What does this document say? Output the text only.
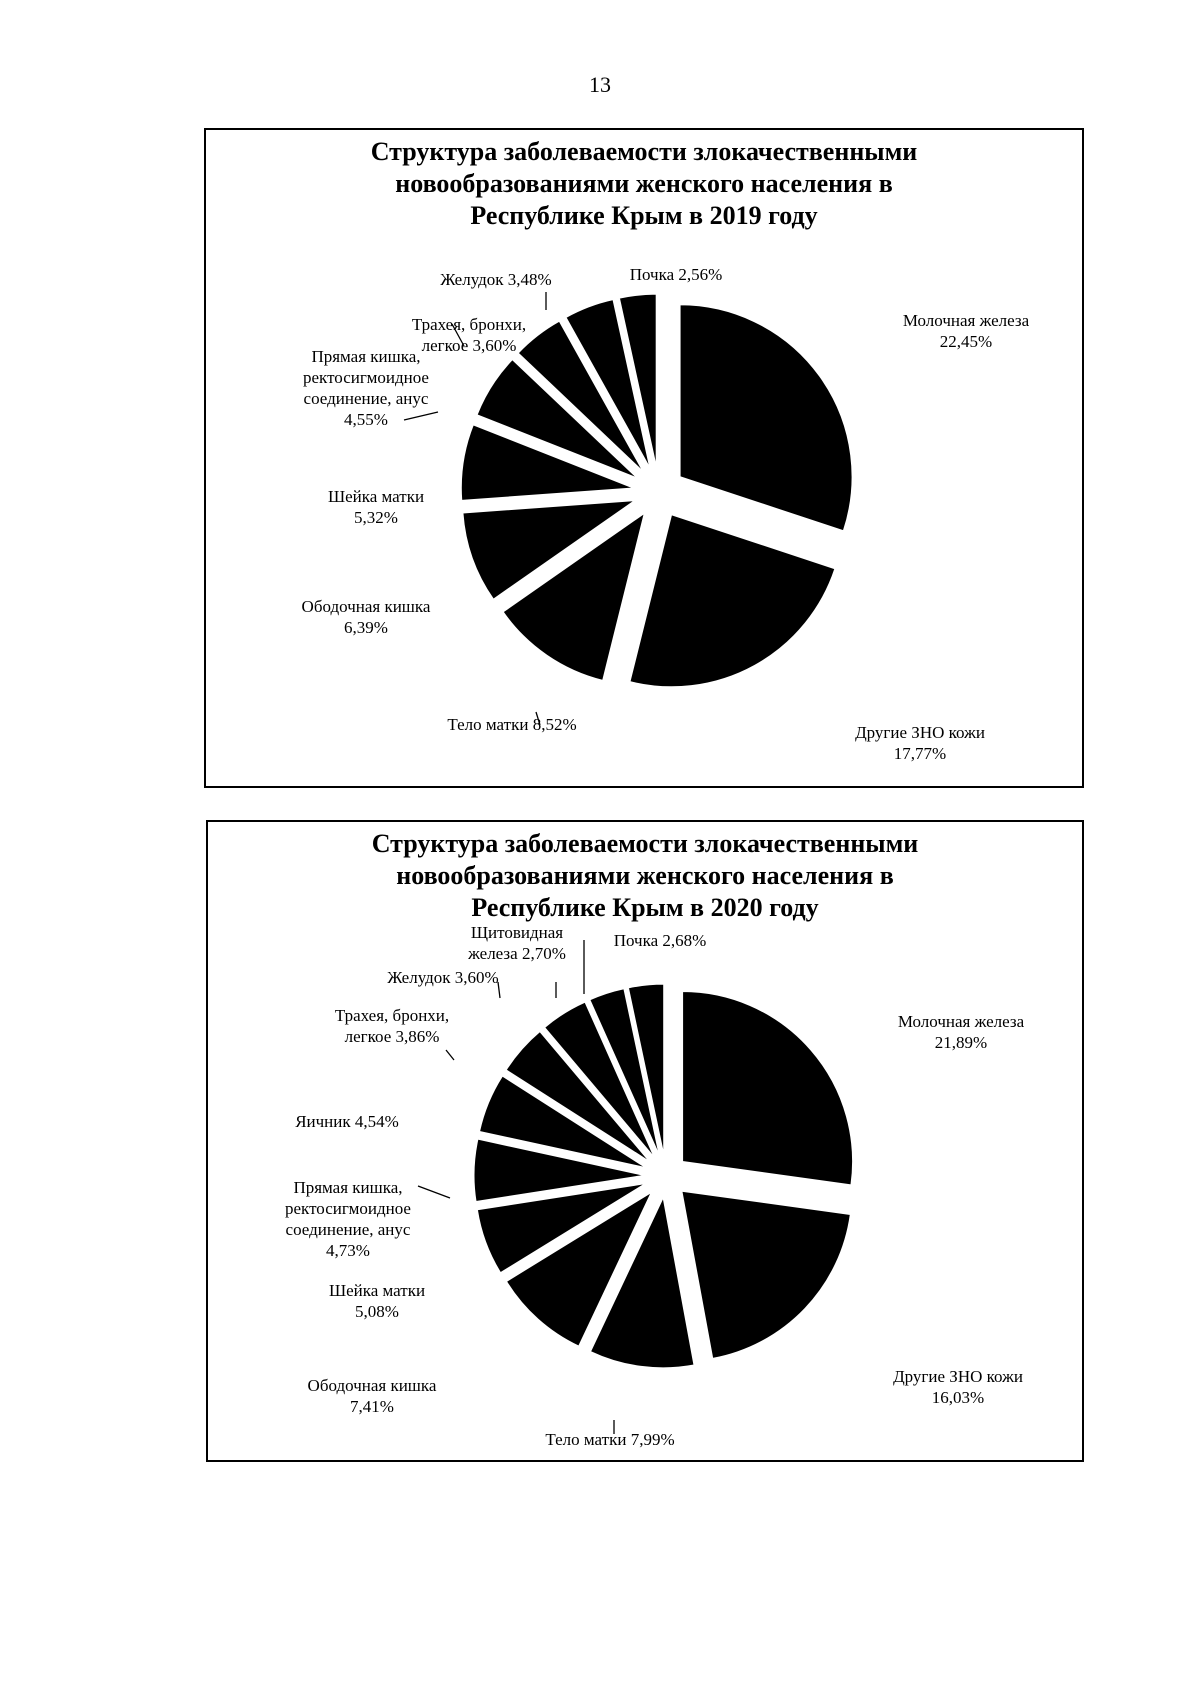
13
Структура заболеваемости злокачественными
новообразованиями женского населения в
Республике Крым в 2019 году
Молочная железа 22,45%
Другие ЗНО кожи 17,77%
Тело матки 8,52%
Ободочная кишка 6,39%
Шейка матки 5,32%
Прямая кишка, ректосигмоидное соединение, анус 4,55%
Трахея, бронхи, легкое 3,60%
Желудок 3,48%	Почка 2,56%
Структура заболеваемости злокачественными
новообразованиями женского населения в
Республике Крым в 2020 году
Молочная железа 21,89%
Другие ЗНО кожи 16,03%
Тело матки 7,99%
Ободочная кишка 7,41%
Шейка матки 5,08%
Прямая кишка, ректосигмоидное соединение, анус 4,73%
Яичник 4,54%
Трахея, бронхи, легкое 3,86%
Желудок 3,60%
Щитовидная железа 2,70%
Почка 2,68%
